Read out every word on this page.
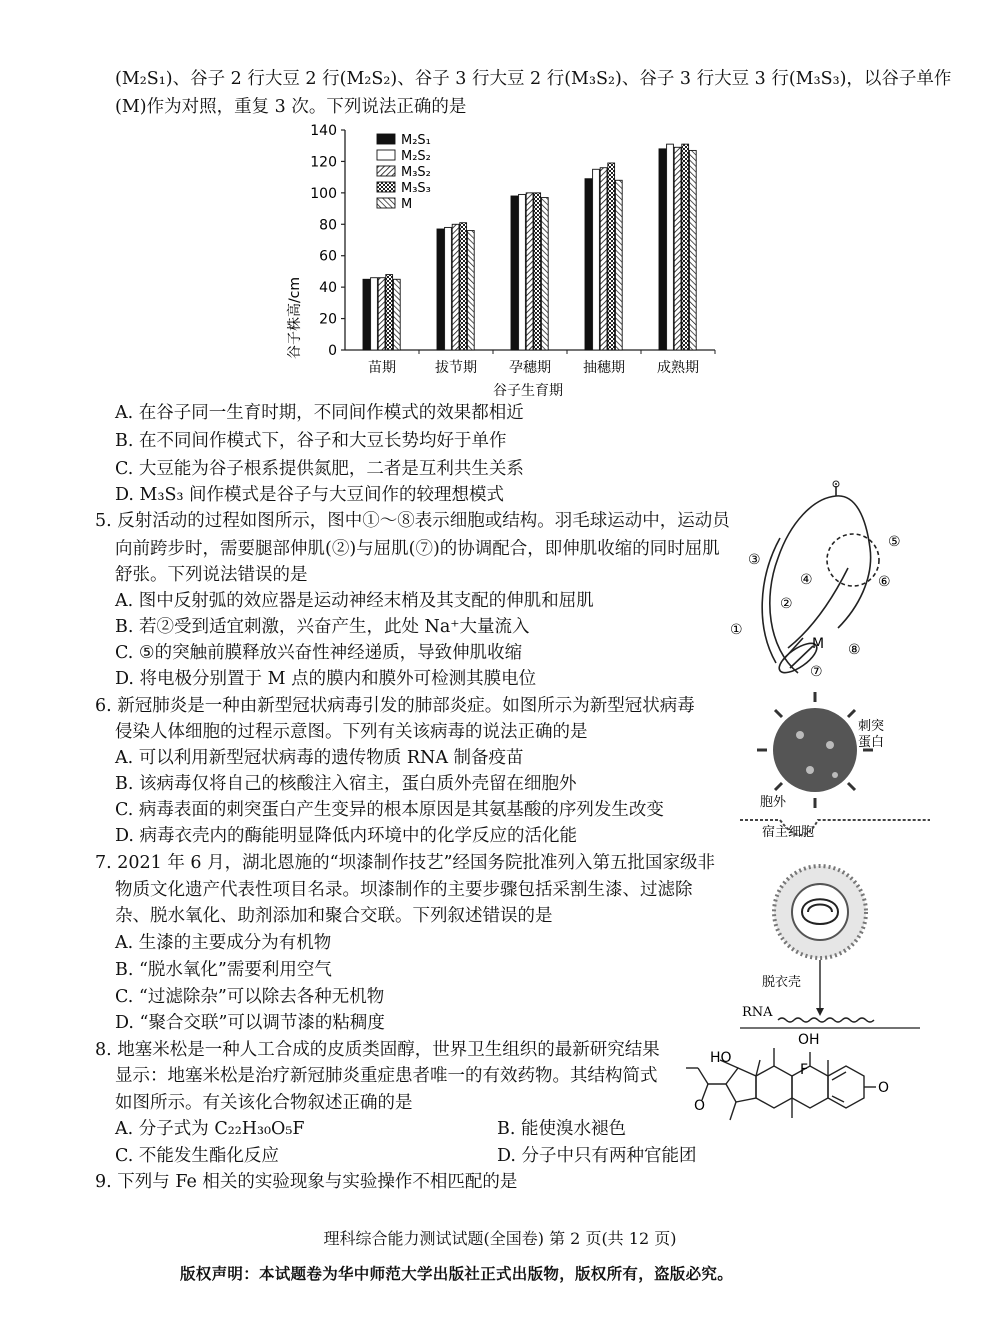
(M₂S₁)、谷子 2 行大豆 2 行(M₂S₂)、谷子 3 行大豆 2 行(M₃S₂)、谷子 3 行大豆 3 行(M₃S₃)，以谷子单作
(M)作为对照，重复 3 次。下列说法正确的是
谷子株高/cm
谷子生育期
0
20
40
60
80
100
120
140
苗期	拔节期 孕穗期 抽穗期 成熟期
M₂S₁
M₂S₂
M₃S₂
M₃S₃
M
A. 在谷子同一生育时期，不同间作模式的效果都相近
B. 在不同间作模式下，谷子和大豆长势均好于单作
C. 大豆能为谷子根系提供氮肥，二者是互利共生关系
D. M₃S₃ 间作模式是谷子与大豆间作的较理想模式
5. 反射活动的过程如图所示，图中①～⑧表示细胞或结构。羽毛球运动中，运动员
向前跨步时，需要腿部伸肌(②)与屈肌(⑦)的协调配合，即伸肌收缩的同时屈肌
舒张。下列说法错误的是
A. 图中反射弧的效应器是运动神经末梢及其支配的伸肌和屈肌
B. 若②受到适宜刺激，兴奋产生，此处 Na⁺大量流入
C. ⑤的突触前膜释放兴奋性神经递质，导致伸肌收缩
D. 将电极分别置于 M 点的膜内和膜外可检测其膜电位
①
②
③
④
⑤
⑥
⑦
⑧
M
6. 新冠肺炎是一种由新型冠状病毒引发的肺部炎症。如图所示为新型冠状病毒
侵染人体细胞的过程示意图。下列有关该病毒的说法正确的是
A. 可以利用新型冠状病毒的遗传物质 RNA 制备疫苗
B. 该病毒仅将自己的核酸注入宿主，蛋白质外壳留在细胞外
C. 病毒表面的刺突蛋白产生变异的根本原因是其氨基酸的序列发生改变
D. 病毒衣壳内的酶能明显降低内环境中的化学反应的活化能
刺突
蛋白
胞外
宿主细胞
脱衣壳
RNA
7. 2021 年 6 月，湖北恩施的“坝漆制作技艺”经国务院批准列入第五批国家级非
物质文化遗产代表性项目名录。坝漆制作的主要步骤包括采割生漆、过滤除
杂、脱水氧化、助剂添加和聚合交联。下列叙述错误的是
A. 生漆的主要成分为有机物
B. “脱水氧化”需要利用空气
C. “过滤除杂”可以除去各种无机物
D. “聚合交联”可以调节漆的粘稠度
8. 地塞米松是一种人工合成的皮质类固醇，世界卫生组织的最新研究结果
显示：地塞米松是治疗新冠肺炎重症患者唯一的有效药物。其结构简式
如图所示。有关该化合物叙述正确的是
A. 分子式为 C₂₂H₃₀O₅F	B. 能使溴水褪色
C. 不能发生酯化反应	D. 分子中只有两种官能团
OH
HO
F
O
O
9. 下列与 Fe 相关的实验现象与实验操作不相匹配的是
理科综合能力测试试题(全国卷) 第 2 页(共 12 页)
版权声明：本试题卷为华中师范大学出版社正式出版物，版权所有，盗版必究。
